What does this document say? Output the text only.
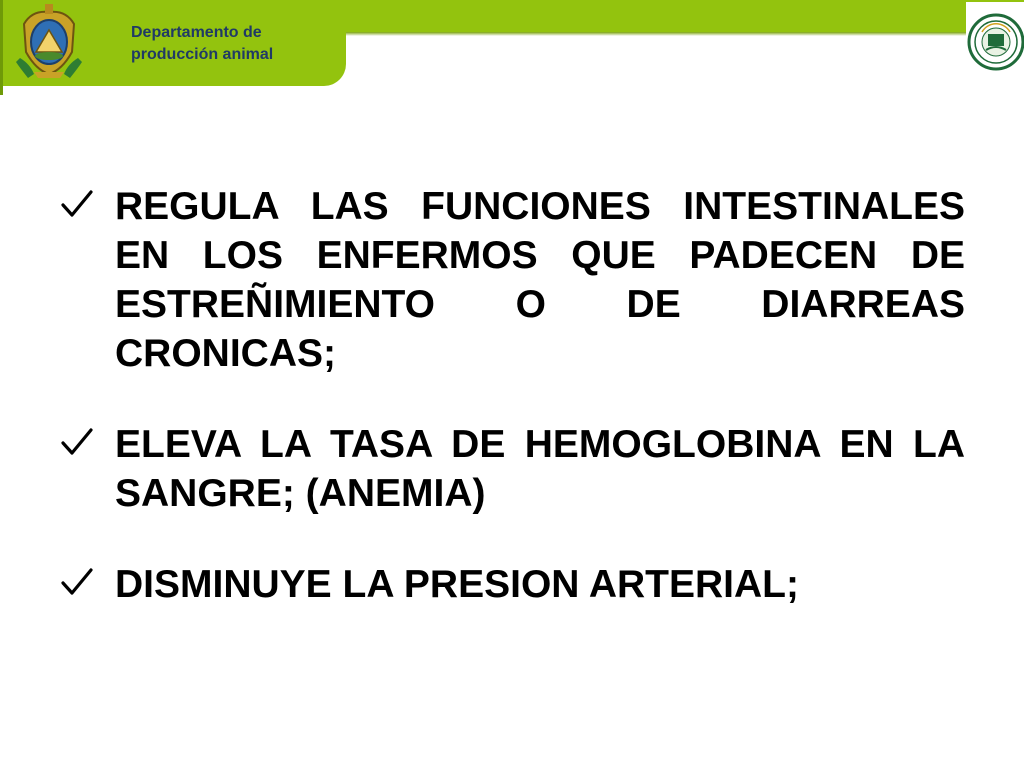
Departamento de
producción animal
REGULA LAS FUNCIONES INTESTINALES EN LOS ENFERMOS QUE PADECEN DE ESTREÑIMIENTO O DE DIARREAS CRONICAS;
ELEVA LA TASA DE HEMOGLOBINA EN LA SANGRE; (ANEMIA)
DISMINUYE LA PRESION ARTERIAL;
